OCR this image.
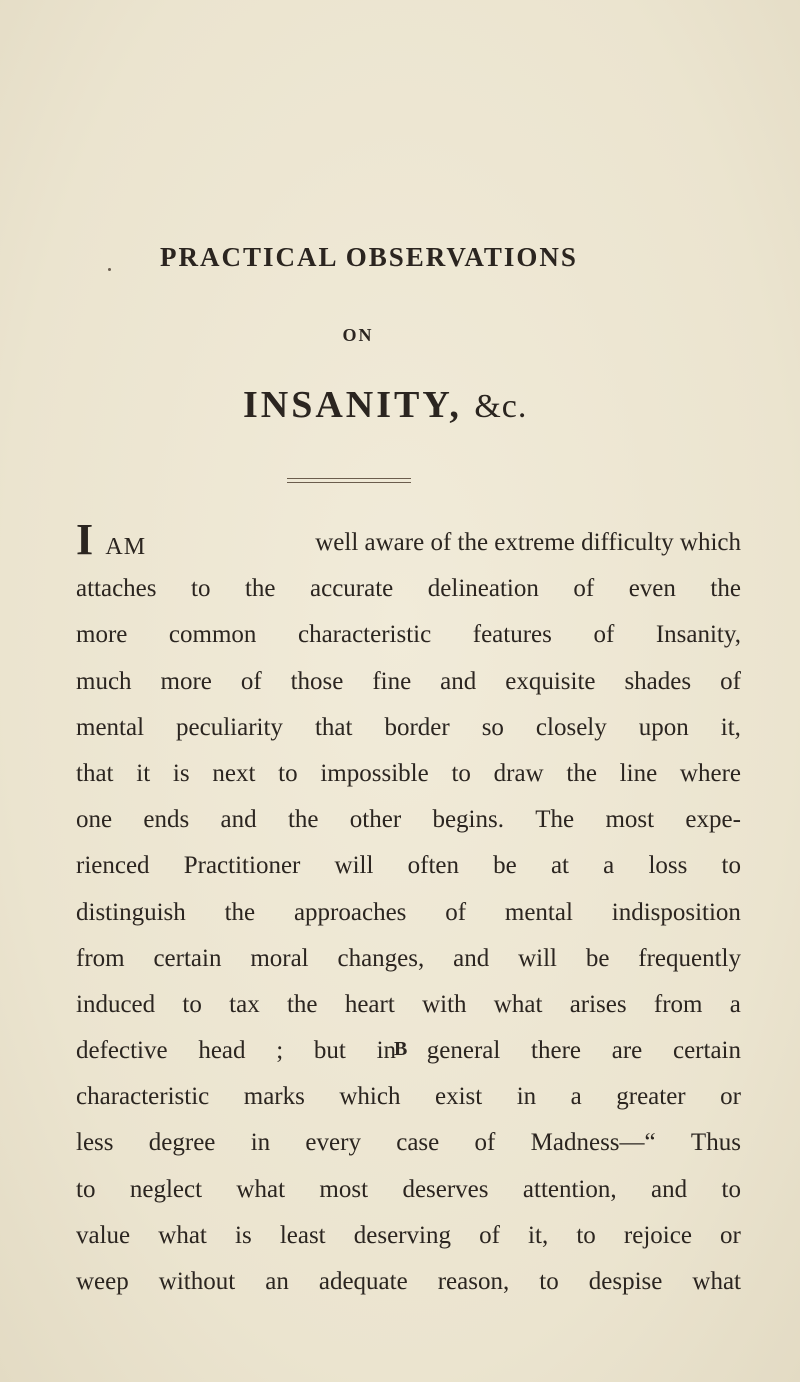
PRACTICAL OBSERVATIONS
ON
INSANITY, &c.
I AM	well aware of the extreme difficulty which
attaches to the accurate delineation of even the
more common characteristic features of Insanity,
much more of those fine and exquisite shades of
mental peculiarity that border so closely upon it,
that it is next to impossible to draw the line where
one ends and the other begins. The most expe-
rienced Practitioner will often be at a loss to
distinguish the approaches of mental indisposition
from certain moral changes, and will be frequently
induced to tax the heart with what arises from a
defective head ; but in general there are certain
characteristic marks which exist in a greater or
less degree in every case of Madness—“ Thus
to neglect what most deserves attention, and to
value what is least deserving of it, to rejoice or
weep without an adequate reason, to despise what
B
